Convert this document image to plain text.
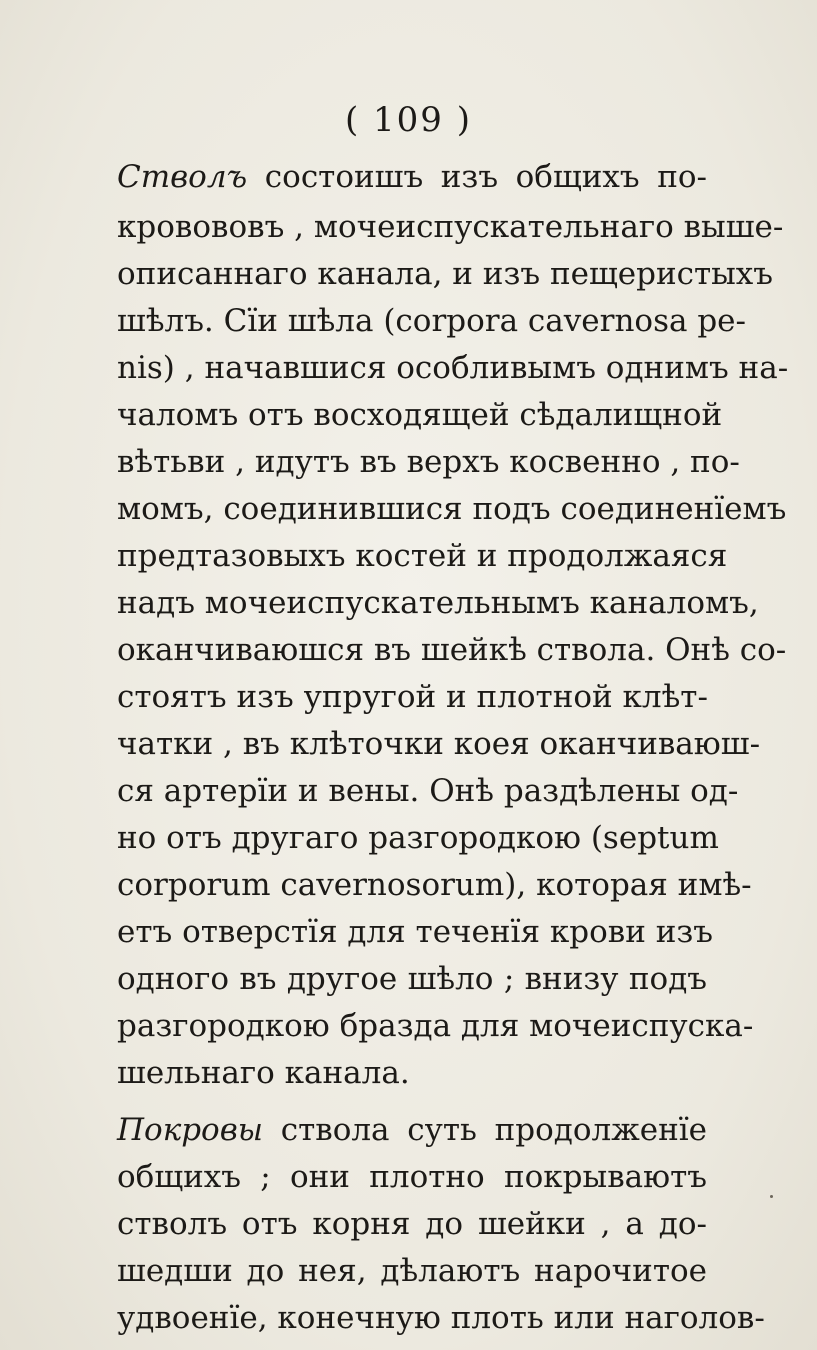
( 109 )
Стволъ состоишъ изъ общихъ по-
кровововъ , мочеиспускательнаго выше-
описаннаго канала, и изъ пещеристыхъ
шѣлъ. Сїи шѣла (corpora cavernosa pe-
nis) , начавшися особливымъ однимъ на-
чаломъ отъ восходящей сѣдалищной
вѣтьви , идутъ въ верхъ косвенно , по-
момъ, соединившися подъ соединенїемъ
предтазовыхъ костей и продолжаяся
надъ мочеиспускательнымъ каналомъ,
оканчиваюшся въ шейкѣ ствола. Онѣ со-
стоятъ изъ упругой и плотной клѣт-
чатки , въ клѣточки коея оканчиваюш-
ся артерїи и вены. Онѣ раздѣлены од-
но отъ другаго разгородкою (septum
corporum cavernosorum), которая имѣ-
етъ отверстїя для теченїя крови изъ
одного въ другое шѣло ; внизу подъ
разгородкою бразда для мочеиспуска-
шельнаго канала.
Покровы ствола суть продолженїе
общихъ ; они плотно покрываютъ
стволъ отъ корня до шейки , а до-
шедши до нея, дѣлаютъ нарочитое
удвоенїе, конечную плоть или наголов-
